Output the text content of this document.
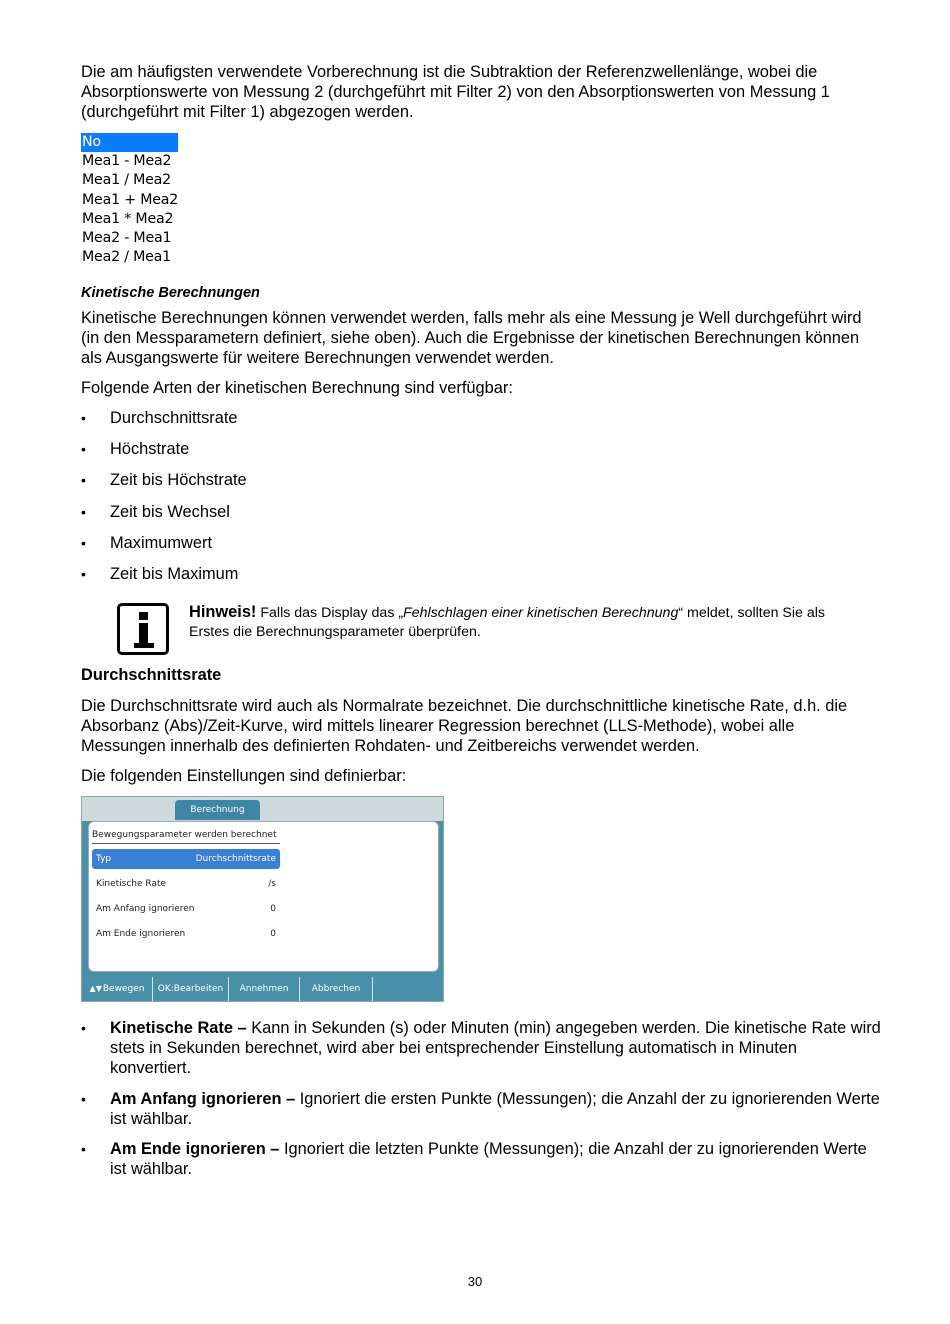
Die am häufigsten verwendete Vorberechnung ist die Subtraktion der Referenzwellenlänge, wobei die Absorptionswerte von Messung 2 (durchgeführt mit Filter 2) von den Absorptionswerten von Messung 1 (durchgeführt mit Filter 1) abgezogen werden.

No
Mea1 - Mea2
Mea1 / Mea2
Mea1 + Mea2
Mea1 * Mea2
Mea2 - Mea1
Mea2 / Mea1
Kinetische Berechnungen

Kinetische Berechnungen können verwendet werden, falls mehr als eine Messung je Well durchgeführt wird (in den Messparametern definiert, siehe oben). Auch die Ergebnisse der kinetischen Berechnungen können als Ausgangswerte für weitere Berechnungen verwendet werden.

Folgende Arten der kinetischen Berechnung sind verfügbar:

• Durchschnittsrate
• Höchstrate
• Zeit bis Höchstrate
• Zeit bis Wechsel
• Maximumwert
• Zeit bis Maximum
Hinweis! Falls das Display das „Fehlschlagen einer kinetischen Berechnung“ meldet, sollten Sie als Erstes die Berechnungsparameter überprüfen.
Durchschnittsrate

Die Durchschnittsrate wird auch als Normalrate bezeichnet. Die durchschnittliche kinetische Rate, d.h. die Absorbanz (Abs)/Zeit-Kurve, wird mittels linearer Regression berechnet (LLS-Methode), wobei alle Messungen innerhalb des definierten Rohdaten- und Zeitbereichs verwendet werden.

Die folgenden Einstellungen sind definierbar:

Berechnung
Bewegungsparameter werden berechnet
Typ	Durchschnittsrate
Kinetische Rate	/s
Am Anfang ignorieren	0
Am Ende ignorieren	0
▲▼Bewegen	OK:Bearbeiten	Annehmen	Abbrechen
• Kinetische Rate – Kann in Sekunden (s) oder Minuten (min) angegeben werden. Die kinetische Rate wird stets in Sekunden berechnet, wird aber bei entsprechender Einstellung automatisch in Minuten konvertiert.
• Am Anfang ignorieren – Ignoriert die ersten Punkte (Messungen); die Anzahl der zu ignorierenden Werte ist wählbar.
• Am Ende ignorieren – Ignoriert die letzten Punkte (Messungen); die Anzahl der zu ignorierenden Werte ist wählbar.
30
